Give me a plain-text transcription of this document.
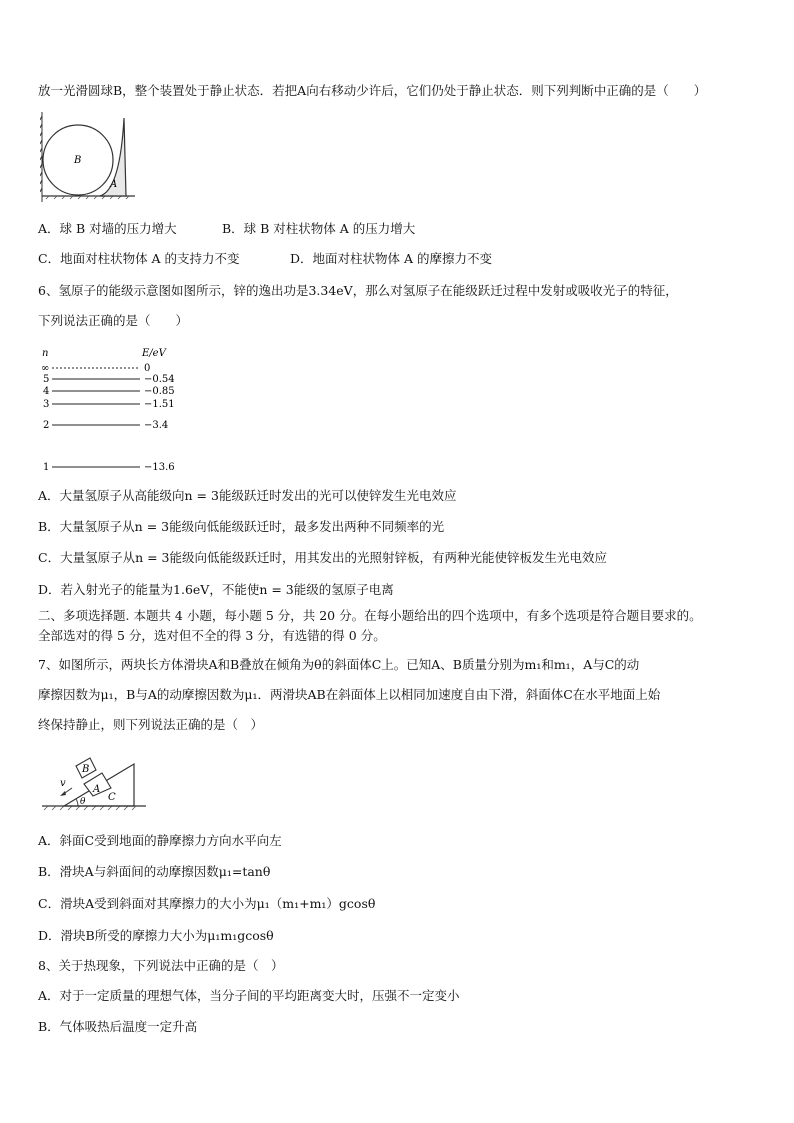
放一光滑圆球B，整个装置处于静止状态．若把A向右移动少许后，它们仍处于静止状态．则下列判断中正确的是（　　）
B
A
A．球 B 对墙的压力增大	B．球 B 对柱状物体 A 的压力增大
C．地面对柱状物体 A 的支持力不变	D．地面对柱状物体 A 的摩擦力不变
6、氢原子的能级示意图如图所示，锌的逸出功是3.34eV，那么对氢原子在能级跃迁过程中发射或吸收光子的特征，
下列说法正确的是（　　）
n	E/eV
∞	0
5	−0.54
4	−0.85
3	−1.51
2	−3.4
1	−13.6
A．大量氢原子从高能级向n = 3能级跃迁时发出的光可以使锌发生光电效应
B．大量氢原子从n = 3能级向低能级跃迁时，最多发出两种不同频率的光
C．大量氢原子从n = 3能级向低能级跃迁时，用其发出的光照射锌板，有两种光能使锌板发生光电效应
D．若入射光子的能量为1.6eV，不能使n = 3能级的氢原子电离
二、多项选择题. 本题共 4 小题，每小题 5 分，共 20 分。在每小题给出的四个选项中，有多个选项是符合题目要求的。
全部选对的得 5 分，选对但不全的得 3 分，有选错的得 0 分。
7、如图所示，两块长方体滑块A和B叠放在倾角为θ的斜面体C上。已知A、B质量分别为m₁和m₁，A与C的动
摩擦因数为μ₁，B与A的动摩擦因数为μ₁．两滑块AB在斜面体上以相同加速度自由下滑，斜面体C在水平地面上始
终保持静止，则下列说法正确的是（　）
B
A
C
v
θ
A．斜面C受到地面的静摩擦力方向水平向左
B．滑块A与斜面间的动摩擦因数μ₁=tanθ
C．滑块A受到斜面对其摩擦力的大小为μ₁（m₁+m₁）gcosθ
D．滑块B所受的摩擦力大小为μ₁m₁gcosθ
8、关于热现象，下列说法中正确的是（　）
A．对于一定质量的理想气体，当分子间的平均距离变大时，压强不一定变小
B．气体吸热后温度一定升高
